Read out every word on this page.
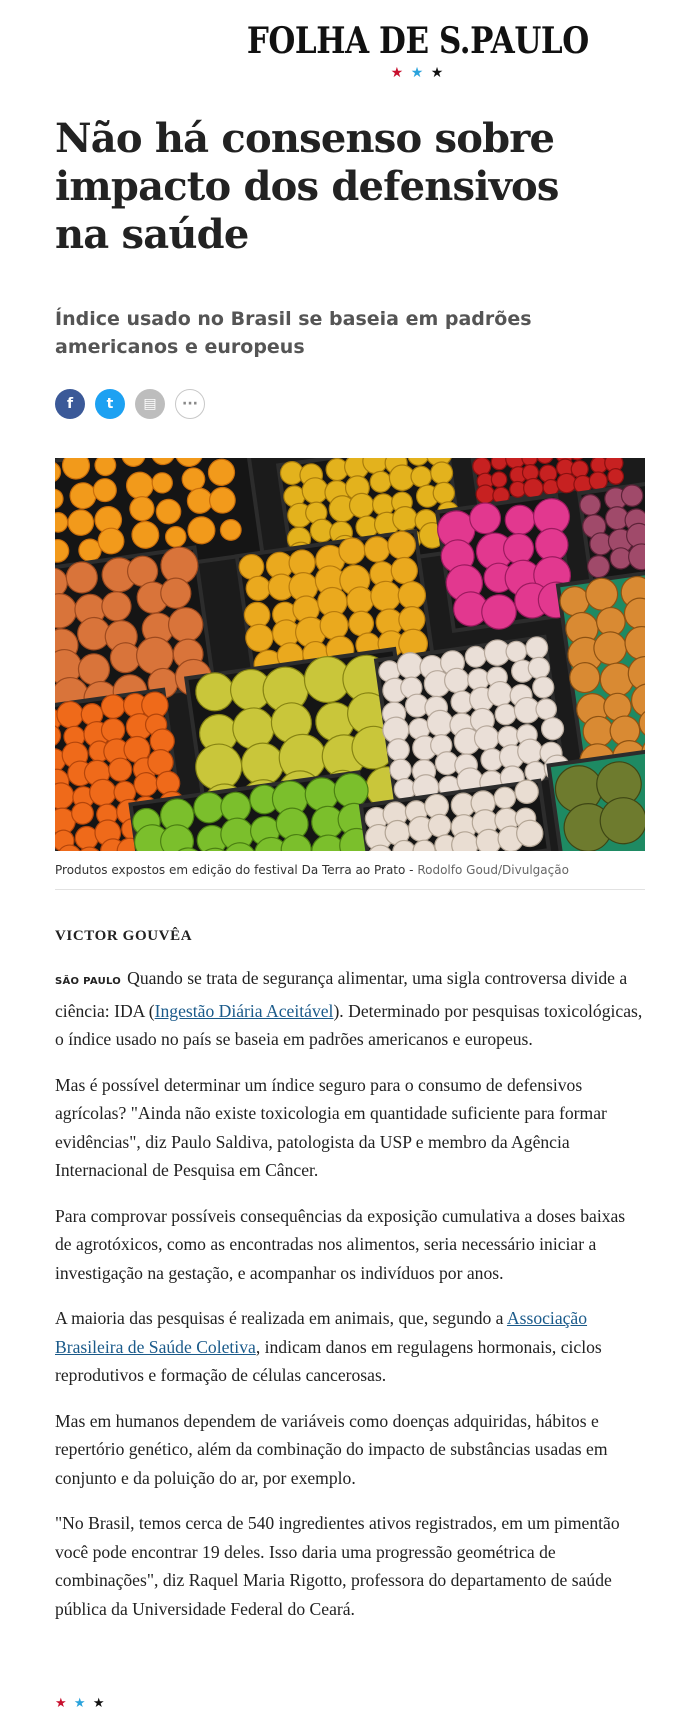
FOLHA DE S.PAULO
★ ★ ★
Não há consenso sobre impacto dos defensivos na saúde
Índice usado no Brasil se baseia em padrões americanos e europeus
f t ▤ ···
Produtos expostos em edição do festival Da Terra ao Prato - Rodolfo Goud/Divulgação
VICTOR GOUVÊA

SÃO PAULO Quando se trata de segurança alimentar, uma sigla controversa divide a ciência: IDA (Ingestão Diária Aceitável). Determinado por pesquisas toxicológicas, o índice usado no país se baseia em padrões americanos e europeus.

Mas é possível determinar um índice seguro para o consumo de defensivos agrícolas? "Ainda não existe toxicologia em quantidade suficiente para formar evidências", diz Paulo Saldiva, patologista da USP e membro da Agência Internacional de Pesquisa em Câncer.

Para comprovar possíveis consequências da exposição cumulativa a doses baixas de agrotóxicos, como as encontradas nos alimentos, seria necessário iniciar a investigação na gestação, e acompanhar os indivíduos por anos.

A maioria das pesquisas é realizada em animais, que, segundo a Associação Brasileira de Saúde Coletiva, indicam danos em regulagens hormonais, ciclos reprodutivos e formação de células cancerosas.

Mas em humanos dependem de variáveis como doenças adquiridas, hábitos e repertório genético, além da combinação do impacto de substâncias usadas em conjunto e da poluição do ar, por exemplo.

"No Brasil, temos cerca de 540 ingredientes ativos registrados, em um pimentão você pode encontrar 19 deles. Isso daria uma progressão geométrica de combinações", diz Raquel Maria Rigotto, professora do departamento de saúde pública da Universidade Federal do Ceará.

★ ★ ★
